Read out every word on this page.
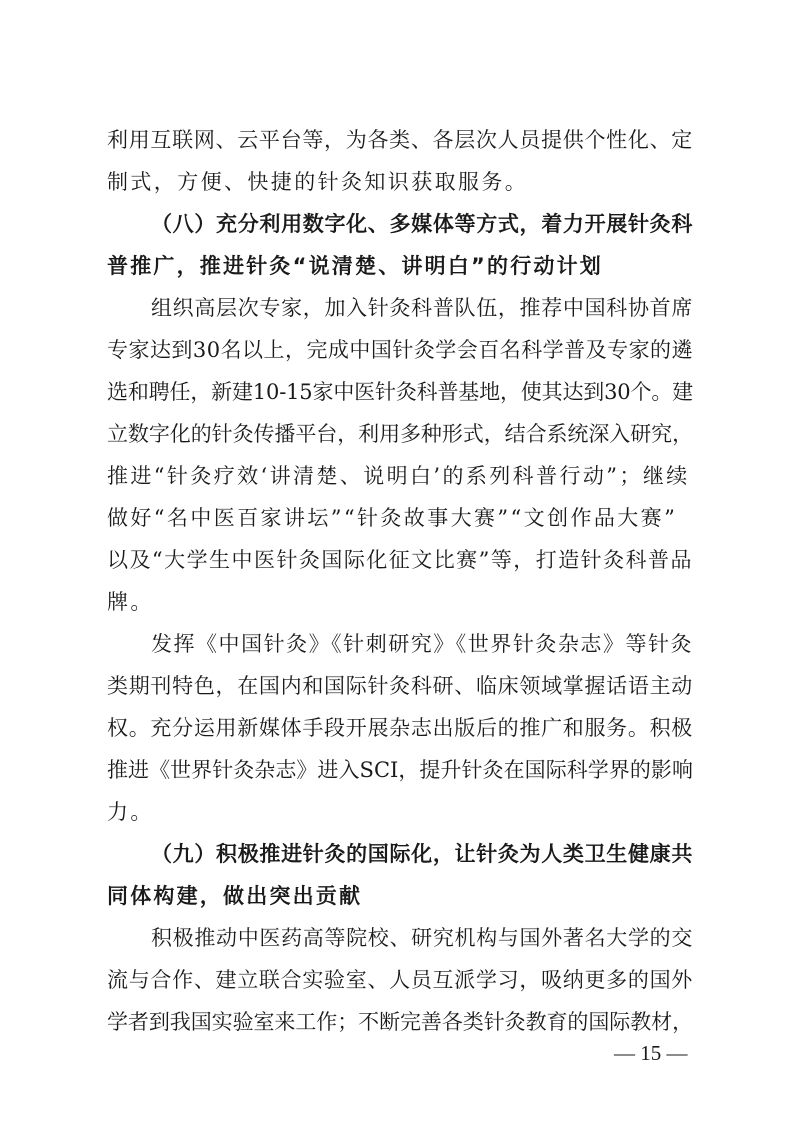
利用互联网、云平台等，为各类、各层次人员提供个性化、定
制式，方便、快捷的针灸知识获取服务。
（八）充分利用数字化、多媒体等方式，着力开展针灸科
普推广，推进针灸“说清楚、讲明白”的行动计划
组织高层次专家，加入针灸科普队伍，推荐中国科协首席
专家达到30名以上，完成中国针灸学会百名科学普及专家的遴
选和聘任，新建10-15家中医针灸科普基地，使其达到30个。建
立数字化的针灸传播平台，利用多种形式，结合系统深入研究，
推进“针灸疗效‘讲清楚、说明白’的系列科普行动”；继续
做好“名中医百家讲坛”“针灸故事大赛”“文创作品大赛”
以及“大学生中医针灸国际化征文比赛”等，打造针灸科普品
牌。
发挥《中国针灸》《针刺研究》《世界针灸杂志》等针灸
类期刊特色，在国内和国际针灸科研、临床领域掌握话语主动
权。充分运用新媒体手段开展杂志出版后的推广和服务。积极
推进《世界针灸杂志》进入SCI，提升针灸在国际科学界的影响
力。
（九）积极推进针灸的国际化，让针灸为人类卫生健康共
同体构建，做出突出贡献
积极推动中医药高等院校、研究机构与国外著名大学的交
流与合作、建立联合实验室、人员互派学习，吸纳更多的国外
学者到我国实验室来工作；不断完善各类针灸教育的国际教材，
— 15 —
